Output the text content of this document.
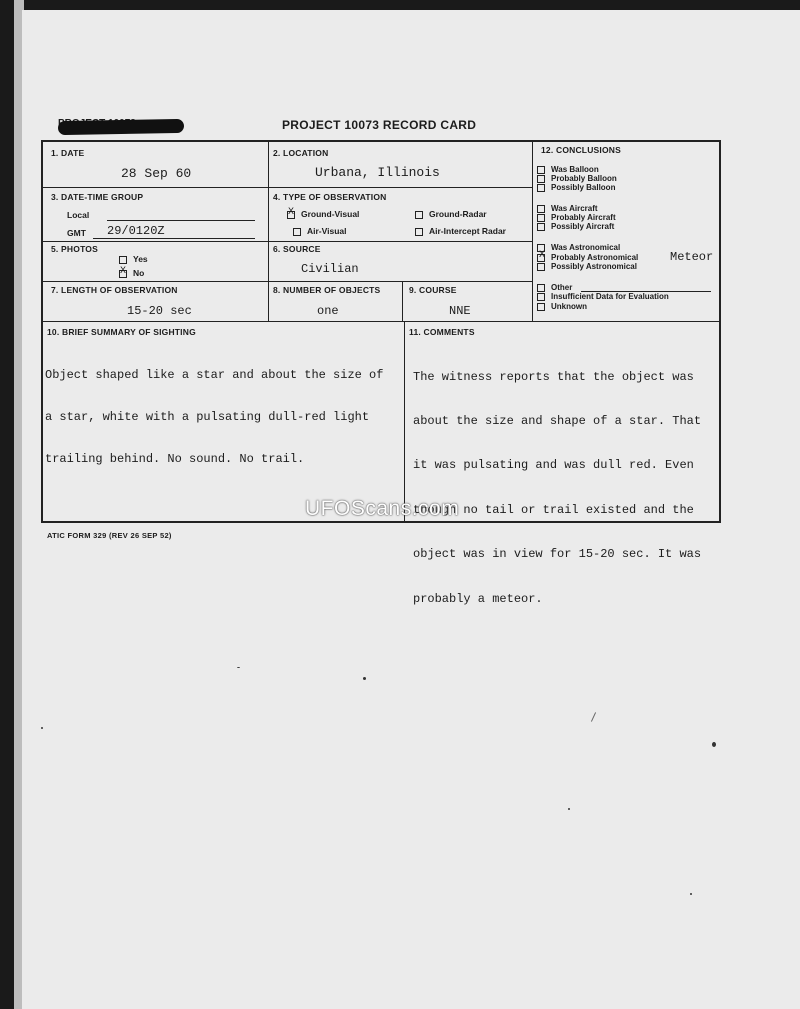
PROJECT 10073 RECORD CARD
1. DATE
28 Sep 60
2. LOCATION
Urbana, Illinois
12. CONCLUSIONS
Was Balloon
Probably Balloon
Possibly Balloon
Was Aircraft
Probably Aircraft
Possibly Aircraft
Was Astronomical
X Probably Astronomical	Meteor
Possibly Astronomical
Other
Insufficient Data for Evaluation
Unknown
3. DATE-TIME GROUP
Local
GMT 29/0120Z
4. TYPE OF OBSERVATION
X Ground-Visual	Ground-Radar
Air-Visual	Air-Intercept Radar
5. PHOTOS
Yes
X No
6. SOURCE
Civilian
7. LENGTH OF OBSERVATION
15-20 sec
8. NUMBER OF OBJECTS
one
9. COURSE
NNE
10. BRIEF SUMMARY OF SIGHTING

Object shaped like a star and about the size of

a star, white with a pulsating dull-red light

trailing behind. No sound. No trail.

11. COMMENTS

The witness reports that the object was

about the size and shape of a star. That

it was pulsating and was dull red. Even

though no tail or trail existed and the

object was in view for 15-20 sec. It was

probably a meteor.

ATIC FORM 329 (REV 26 SEP 52)
UFOScans.com
